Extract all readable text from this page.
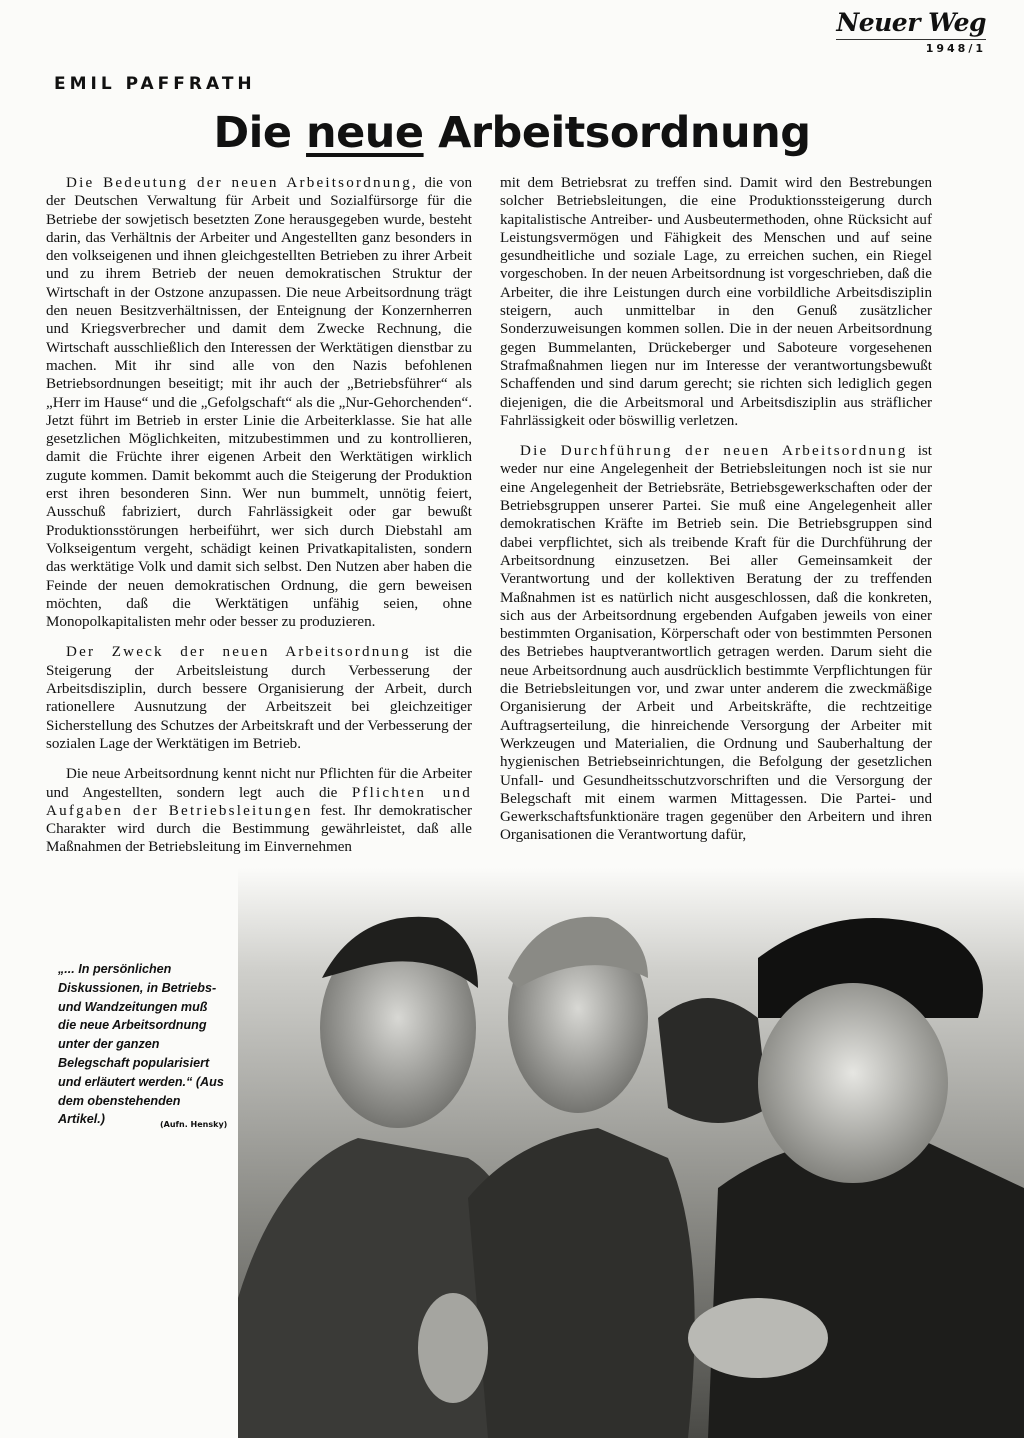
Neuer Weg
1948/1
EMIL PAFFRATH
Die neue Arbeitsordnung

Die Bedeutung der neuen Arbeitsordnung, die von der Deutschen Verwaltung für Arbeit und Sozialfürsorge für die Betriebe der sowjetisch besetzten Zone herausgegeben wurde, besteht darin, das Verhältnis der Arbeiter und Angestellten ganz besonders in den volkseigenen und ihnen gleichgestellten Betrieben zu ihrer Arbeit und zu ihrem Betrieb der neuen demokratischen Struktur der Wirtschaft in der Ostzone anzupassen. Die neue Arbeitsordnung trägt den neuen Besitzverhältnissen, der Enteignung der Konzernherren und Kriegsverbrecher und damit dem Zwecke Rechnung, die Wirtschaft ausschließlich den Interessen der Werktätigen dienstbar zu machen. Mit ihr sind alle von den Nazis befohlenen Betriebsordnungen beseitigt; mit ihr auch der „Betriebsführer“ als „Herr im Hause“ und die „Gefolgschaft“ als die „Nur-Gehorchenden“. Jetzt führt im Betrieb in erster Linie die Arbeiterklasse. Sie hat alle gesetzlichen Möglichkeiten, mitzubestimmen und zu kontrollieren, damit die Früchte ihrer eigenen Arbeit den Werktätigen wirklich zugute kommen. Damit bekommt auch die Steigerung der Produktion erst ihren besonderen Sinn. Wer nun bummelt, unnötig feiert, Ausschuß fabriziert, durch Fahrlässigkeit oder gar bewußt Produktionsstörungen herbeiführt, wer sich durch Diebstahl am Volkseigentum vergeht, schädigt keinen Privatkapitalisten, sondern das werktätige Volk und damit sich selbst. Den Nutzen aber haben die Feinde der neuen demokratischen Ordnung, die gern beweisen möchten, daß die Werktätigen unfähig seien, ohne Monopolkapitalisten mehr oder besser zu produzieren.

Der Zweck der neuen Arbeitsordnung ist die Steigerung der Arbeitsleistung durch Verbesserung der Arbeitsdisziplin, durch bessere Organisierung der Arbeit, durch rationellere Ausnutzung der Arbeitszeit bei gleichzeitiger Sicherstellung des Schutzes der Arbeitskraft und der Verbesserung der sozialen Lage der Werktätigen im Betrieb.

Die neue Arbeitsordnung kennt nicht nur Pflichten für die Arbeiter und Angestellten, sondern legt auch die Pflichten und Aufgaben der Betriebsleitungen fest. Ihr demokratischer Charakter wird durch die Bestimmung gewährleistet, daß alle Maßnahmen der Betriebsleitung im Einvernehmen

mit dem Betriebsrat zu treffen sind. Damit wird den Bestrebungen solcher Betriebsleitungen, die eine Produktionssteigerung durch kapitalistische Antreiber- und Ausbeutermethoden, ohne Rücksicht auf Leistungsvermögen und Fähigkeit des Menschen und auf seine gesundheitliche und soziale Lage, zu erreichen suchen, ein Riegel vorgeschoben. In der neuen Arbeitsordnung ist vorgeschrieben, daß die Arbeiter, die ihre Leistungen durch eine vorbildliche Arbeitsdisziplin steigern, auch unmittelbar in den Genuß zusätzlicher Sonderzuweisungen kommen sollen. Die in der neuen Arbeitsordnung gegen Bummelanten, Drückeberger und Saboteure vorgesehenen Strafmaßnahmen liegen nur im Interesse der verantwortungsbewußt Schaffenden und sind darum gerecht; sie richten sich lediglich gegen diejenigen, die die Arbeitsmoral und Arbeitsdisziplin aus sträflicher Fahrlässigkeit oder böswillig verletzen.

Die Durchführung der neuen Arbeitsordnung ist weder nur eine Angelegenheit der Betriebsleitungen noch ist sie nur eine Angelegenheit der Betriebsräte, Betriebsgewerkschaften oder der Betriebsgruppen unserer Partei. Sie muß eine Angelegenheit aller demokratischen Kräfte im Betrieb sein. Die Betriebsgruppen sind dabei verpflichtet, sich als treibende Kraft für die Durchführung der Arbeitsordnung einzusetzen. Bei aller Gemeinsamkeit der Verantwortung und der kollektiven Beratung der zu treffenden Maßnahmen ist es natürlich nicht ausgeschlossen, daß die konkreten, sich aus der Arbeitsordnung ergebenden Aufgaben jeweils von einer bestimmten Organisation, Körperschaft oder von bestimmten Personen des Betriebes hauptverantwortlich getragen werden. Darum sieht die neue Arbeitsordnung auch ausdrücklich bestimmte Verpflichtungen für die Betriebsleitungen vor, und zwar unter anderem die zweckmäßige Organisierung der Arbeit und Arbeitskräfte, die rechtzeitige Auftragserteilung, die hinreichende Versorgung der Arbeiter mit Werkzeugen und Materialien, die Ordnung und Sauberhaltung der hygienischen Betriebseinrichtungen, die Befolgung der gesetzlichen Unfall- und Gesundheitsschutzvorschriften und die Versorgung der Belegschaft mit einem warmen Mittagessen. Die Partei- und Gewerkschaftsfunktionäre tragen gegenüber den Arbeitern und ihren Organisationen die Verantwortung dafür,

„... In persönlichen Diskussionen, in Betriebs- und Wandzeitungen muß die neue Arbeitsordnung unter der ganzen Belegschaft popularisiert und erläutert werden.“ (Aus dem obenstehenden Artikel.)	(Aufn. Hensky)
